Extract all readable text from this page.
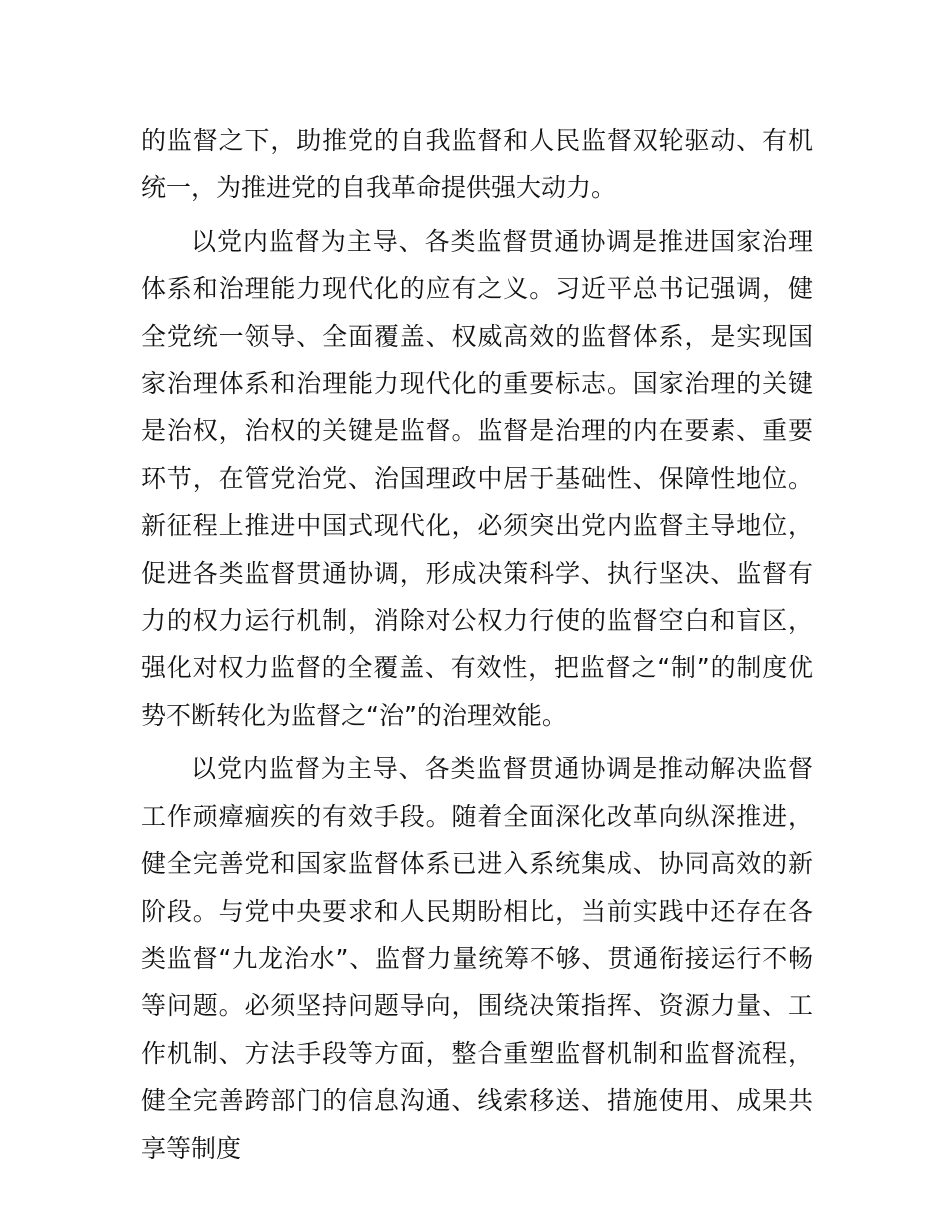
的监督之下，助推党的自我监督和人民监督双轮驱动、有机统一，为推进党的自我革命提供强大动力。

以党内监督为主导、各类监督贯通协调是推进国家治理体系和治理能力现代化的应有之义。习近平总书记强调，健全党统一领导、全面覆盖、权威高效的监督体系，是实现国家治理体系和治理能力现代化的重要标志。国家治理的关键是治权，治权的关键是监督。监督是治理的内在要素、重要环节，在管党治党、治国理政中居于基础性、保障性地位。新征程上推进中国式现代化，必须突出党内监督主导地位，促进各类监督贯通协调，形成决策科学、执行坚决、监督有力的权力运行机制，消除对公权力行使的监督空白和盲区，强化对权力监督的全覆盖、有效性，把监督之“制”的制度优势不断转化为监督之“治”的治理效能。

以党内监督为主导、各类监督贯通协调是推动解决监督工作顽瘴痼疾的有效手段。随着全面深化改革向纵深推进，健全完善党和国家监督体系已进入系统集成、协同高效的新阶段。与党中央要求和人民期盼相比，当前实践中还存在各类监督“九龙治水”、监督力量统筹不够、贯通衔接运行不畅等问题。必须坚持问题导向，围绕决策指挥、资源力量、工作机制、方法手段等方面，整合重塑监督机制和监督流程，健全完善跨部门的信息沟通、线索移送、措施使用、成果共享等制度
